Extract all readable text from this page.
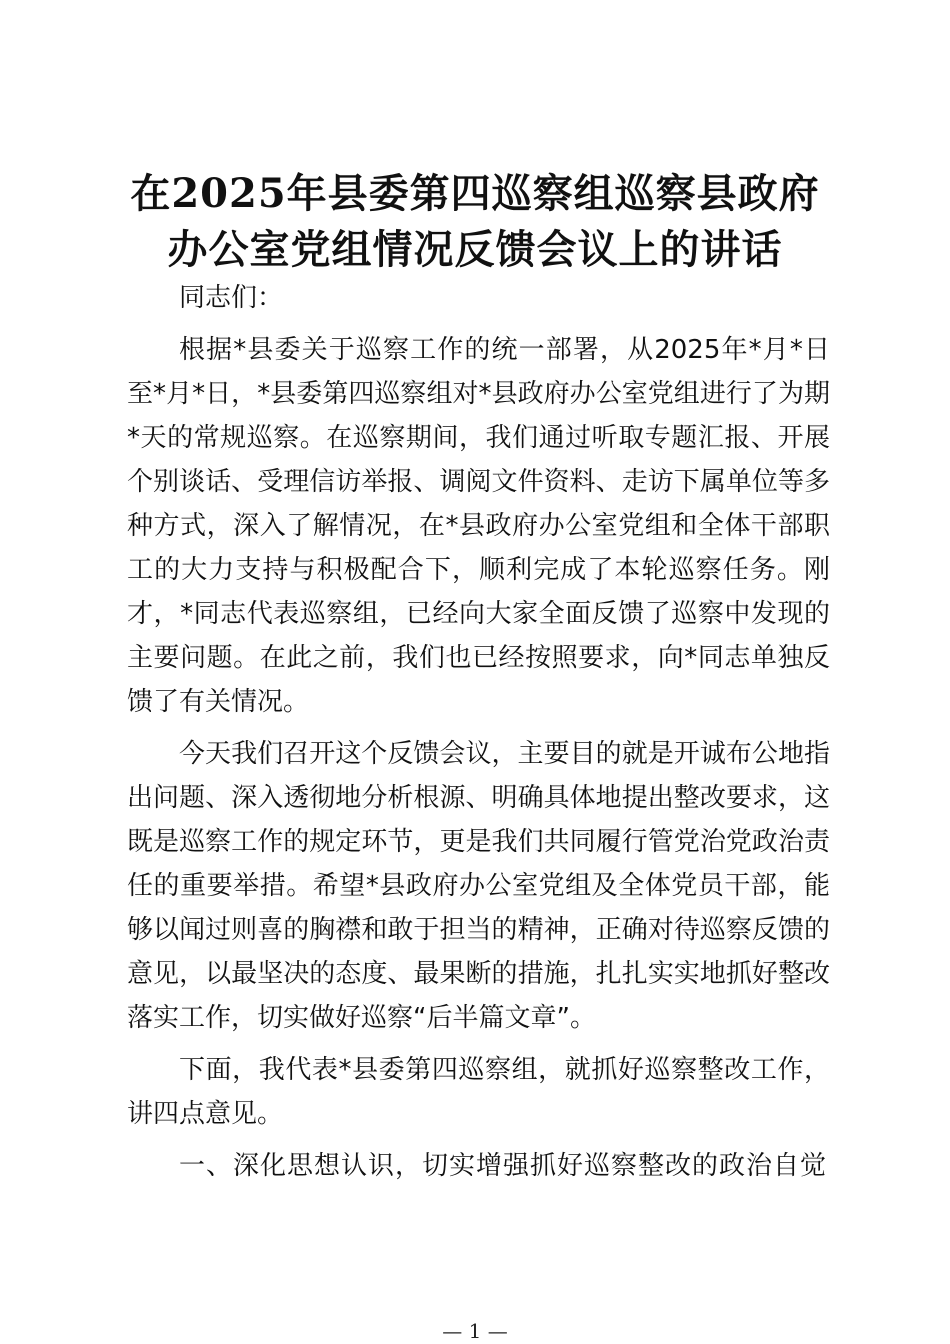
在2025年县委第四巡察组巡察县政府
办公室党组情况反馈会议上的讲话

同志们：

根据*县委关于巡察工作的统一部署，从2025年*月*日至*月*日，*县委第四巡察组对*县政府办公室党组进行了为期*天的常规巡察。在巡察期间，我们通过听取专题汇报、开展个别谈话、受理信访举报、调阅文件资料、走访下属单位等多种方式，深入了解情况，在*县政府办公室党组和全体干部职工的大力支持与积极配合下，顺利完成了本轮巡察任务。刚才，*同志代表巡察组，已经向大家全面反馈了巡察中发现的主要问题。在此之前，我们也已经按照要求，向*同志单独反馈了有关情况。

今天我们召开这个反馈会议，主要目的就是开诚布公地指出问题、深入透彻地分析根源、明确具体地提出整改要求，这既是巡察工作的规定环节，更是我们共同履行管党治党政治责任的重要举措。希望*县政府办公室党组及全体党员干部，能够以闻过则喜的胸襟和敢于担当的精神，正确对待巡察反馈的意见，以最坚决的态度、最果断的措施，扎扎实实地抓好整改落实工作，切实做好巡察“后半篇文章”。

下面，我代表*县委第四巡察组，就抓好巡察整改工作，讲四点意见。

一、深化思想认识，切实增强抓好巡察整改的政治自觉

— 1 —
